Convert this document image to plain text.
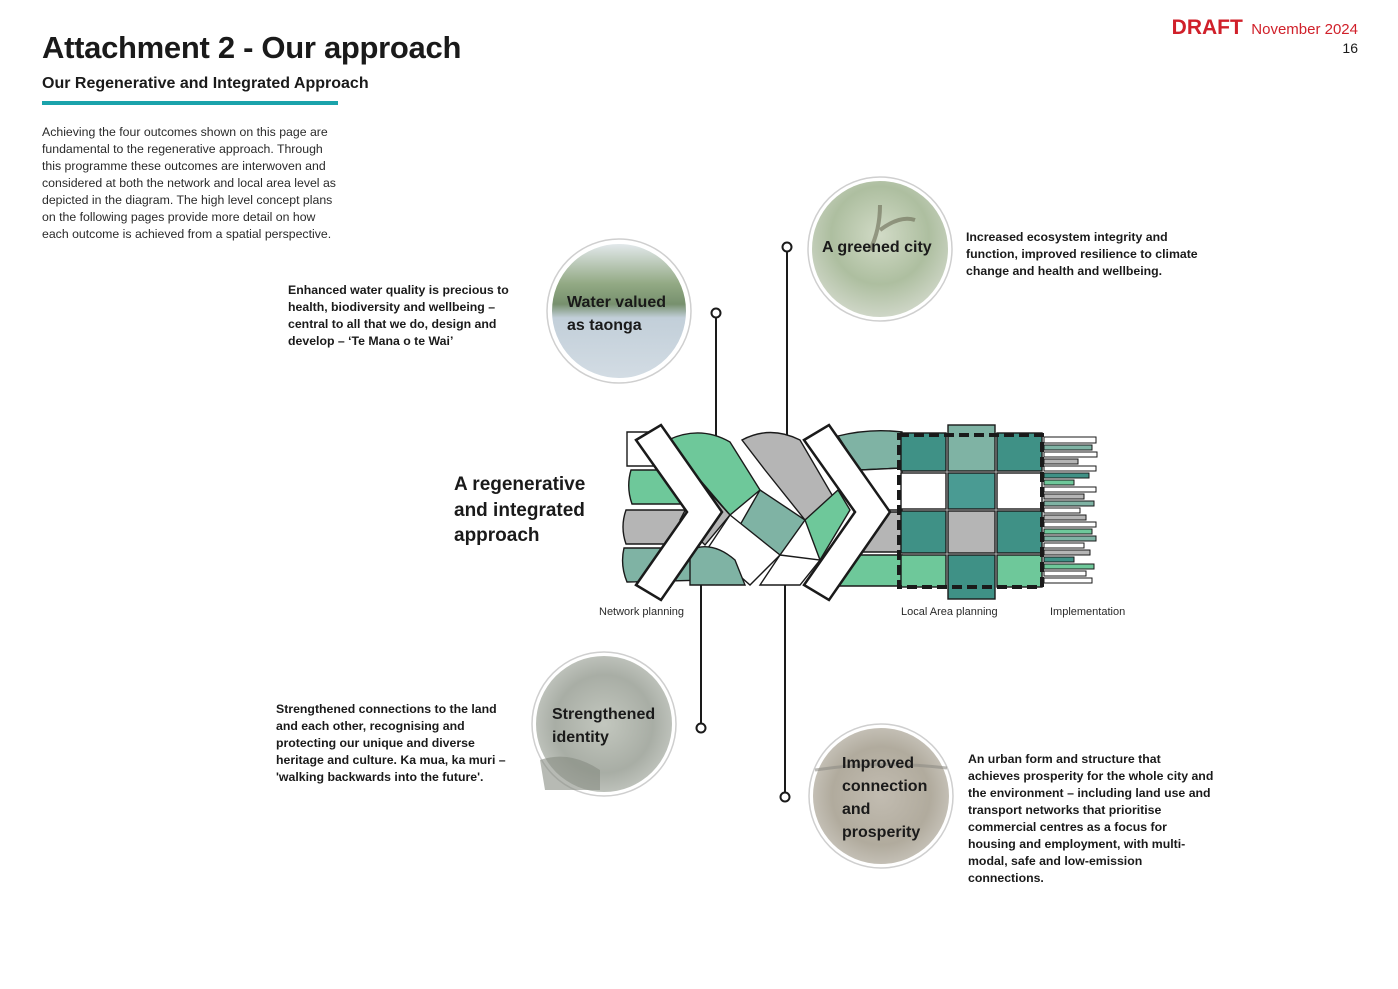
Attachment 2 - Our approach
Our Regenerative and Integrated Approach
DRAFT November 2024
16
Achieving the four outcomes shown on this page are fundamental to the regenerative approach. Through this programme these outcomes are interwoven and considered at both the network and local area level as depicted in the diagram. The high level concept plans on the following pages provide more detail on how each outcome is achieved from a spatial perspective.
Water valued
as taonga
A greened city
Strengthened
identity
Improved
connection
and
prosperity
Enhanced water quality is precious to health, biodiversity and wellbeing – central to all that we do, design and develop – ‘Te Mana o te Wai’
Increased ecosystem integrity and function, improved resilience to climate change and health and wellbeing.
Strengthened connections to the land and each other, recognising and protecting our unique and diverse heritage and culture. Ka mua, ka muri – 'walking backwards into the future'.
An urban form and structure that achieves prosperity for the whole city and the environment – including land use and transport networks that prioritise commercial centres as a focus for housing and employment, with multi-modal, safe and low-emission connections.
A regenerative and integrated approach
Network planning	Local Area planning	Implementation
